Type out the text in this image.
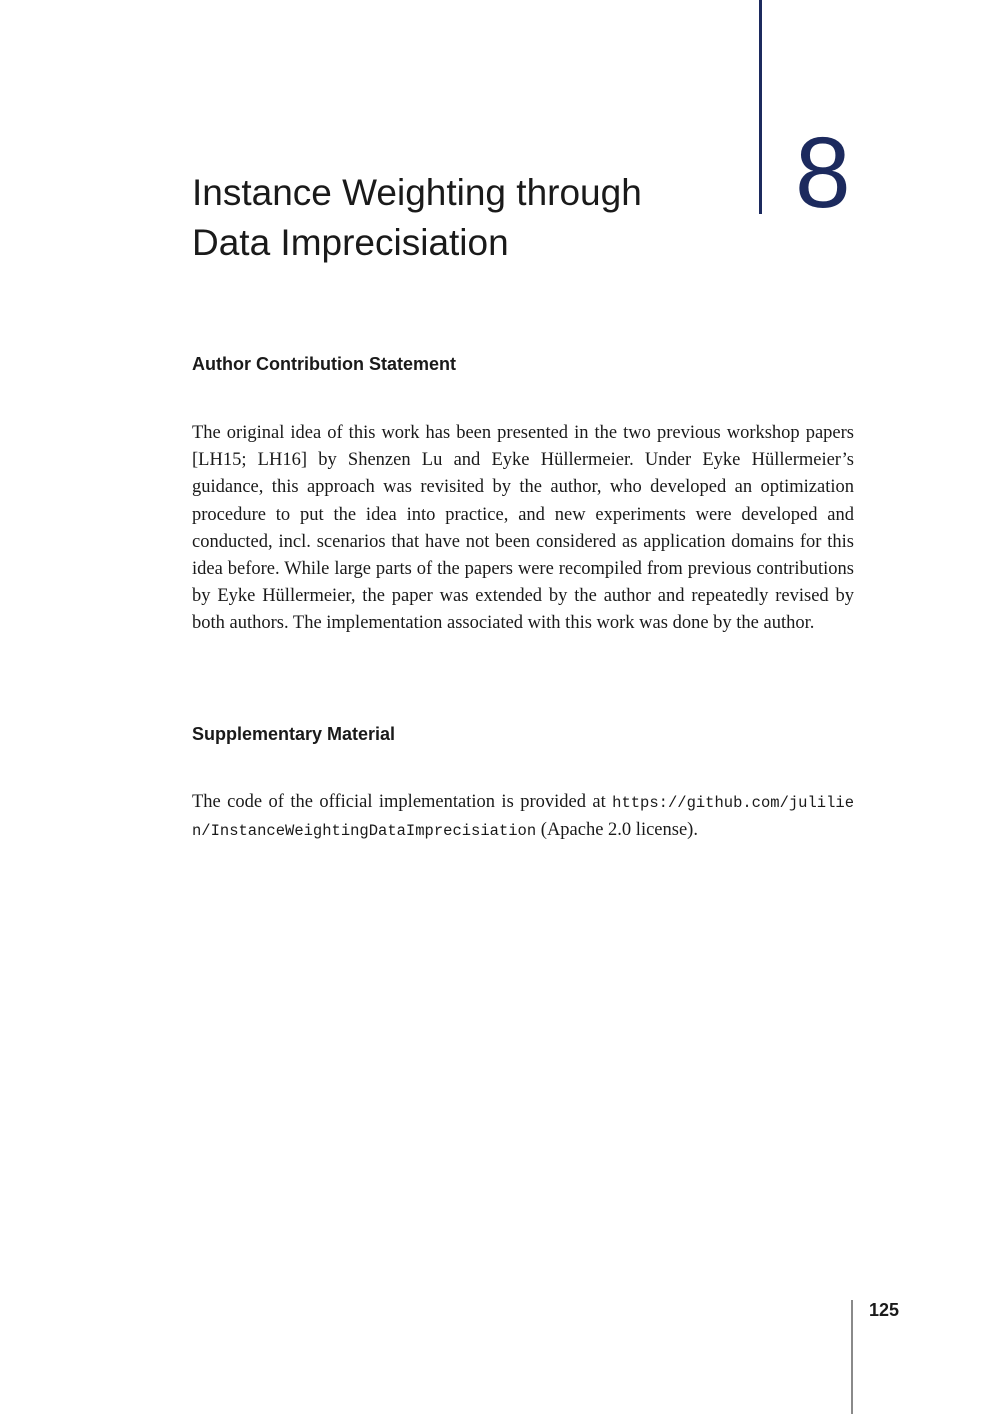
8
Instance Weighting through
Data Imprecisiation
Author Contribution Statement

The original idea of this work has been presented in the two previous workshop papers [LH15; LH16] by Shenzen Lu and Eyke Hüllermeier. Under Eyke Hüllermeier’s guidance, this approach was revisited by the author, who developed an optimization procedure to put the idea into practice, and new experiments were developed and conducted, incl. scenarios that have not been considered as application domains for this idea before. While large parts of the papers were recompiled from previous contributions by Eyke Hüllermeier, the paper was extended by the author and repeatedly revised by both authors. The implementation associated with this work was done by the author.

Supplementary Material

The code of the official implementation is provided at https://github.com/julilien/InstanceWeightingDataImprecisiation (Apache 2.0 license).

125
